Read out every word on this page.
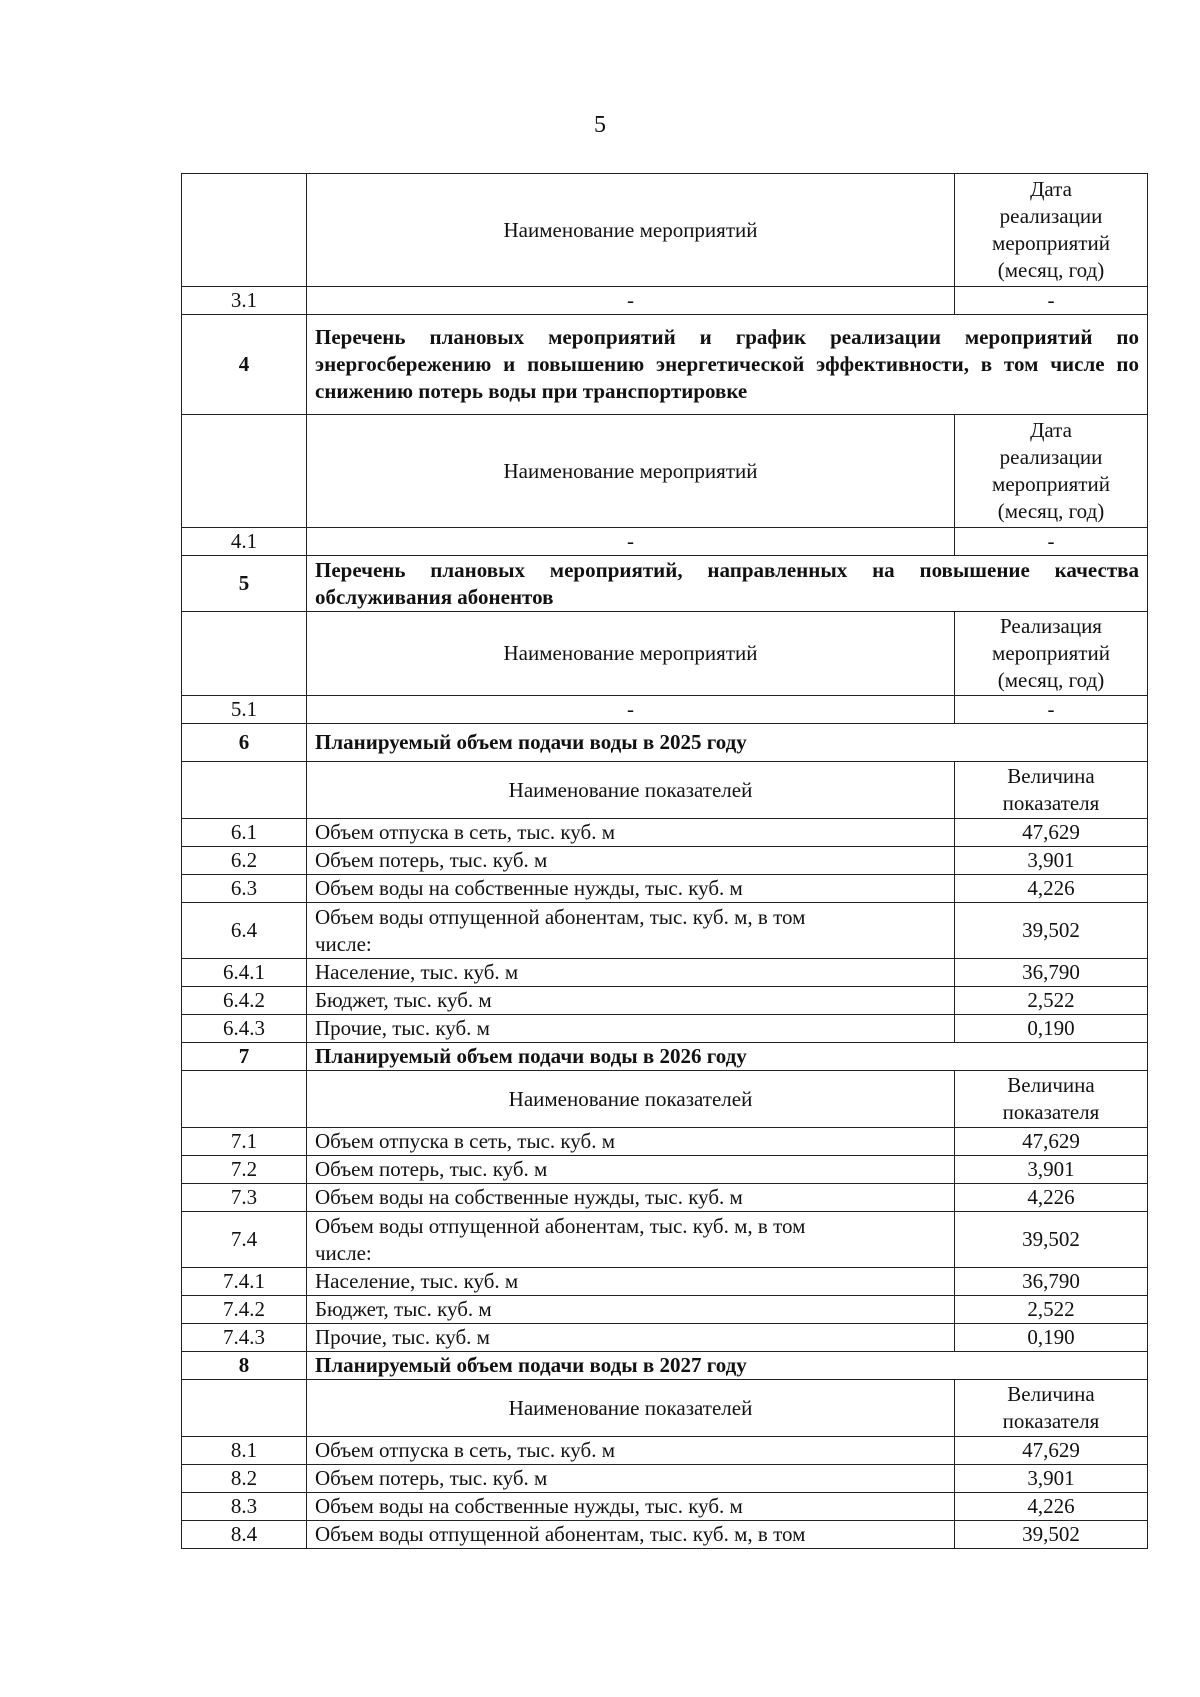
5
	Наименование мероприятий	Дата
реализации
мероприятий
(месяц, год)
3.1	-	-
4	Перечень плановых мероприятий и график реализации мероприятий по энергосбережению и повышению энергетической эффективности, в том числе по снижению потерь воды при транспортировке	
	Наименование мероприятий	Дата
реализации
мероприятий
(месяц, год)
4.1	-	-
5	Перечень плановых мероприятий, направленных на повышение качества обслуживания абонентов	
	Наименование мероприятий	Реализация
мероприятий
(месяц, год)
5.1	-	-
6	Планируемый объем подачи воды в 2025 году	
	Наименование показателей	Величина
показателя
6.1	Объем отпуска в сеть, тыс. куб. м	47,629
6.2	Объем потерь, тыс. куб. м	3,901
6.3	Объем воды на собственные нужды, тыс. куб. м	4,226
6.4	Объем воды отпущенной абонентам, тыс. куб. м, в том
числе:	39,502
6.4.1	Население, тыс. куб. м	36,790
6.4.2	Бюджет, тыс. куб. м	2,522
6.4.3	Прочие, тыс. куб. м	0,190
7	Планируемый объем подачи воды в 2026 году	
	Наименование показателей	Величина
показателя
7.1	Объем отпуска в сеть, тыс. куб. м	47,629
7.2	Объем потерь, тыс. куб. м	3,901
7.3	Объем воды на собственные нужды, тыс. куб. м	4,226
7.4	Объем воды отпущенной абонентам, тыс. куб. м, в том
числе:	39,502
7.4.1	Население, тыс. куб. м	36,790
7.4.2	Бюджет, тыс. куб. м	2,522
7.4.3	Прочие, тыс. куб. м	0,190
8	Планируемый объем подачи воды в 2027 году	
	Наименование показателей	Величина
показателя
8.1	Объем отпуска в сеть, тыс. куб. м	47,629
8.2	Объем потерь, тыс. куб. м	3,901
8.3	Объем воды на собственные нужды, тыс. куб. м	4,226
8.4	Объем воды отпущенной абонентам, тыс. куб. м, в том	39,502
